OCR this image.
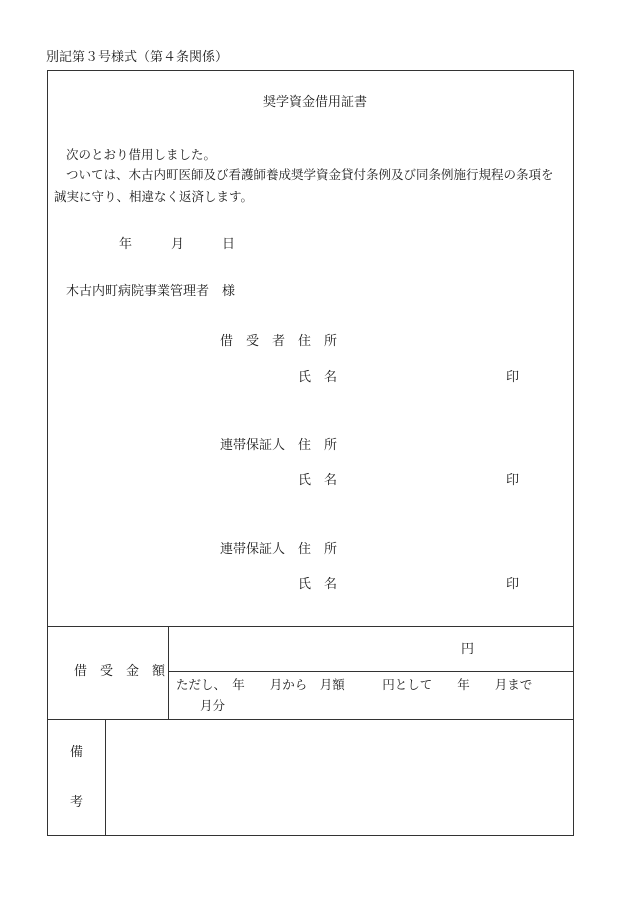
別記第３号様式（第４条関係）
奨学資金借用証書
次のとおり借用しました。
ついては、木古内町医師及び看護師養成奨学資金貸付条例及び同条例施行規程の条項を
誠実に守り、相違なく返済します。
年	月	日
木古内町病院事業管理者　様
借　受　者 住　所
氏　名	印
連帯保証人 住　所
氏　名	印
連帯保証人 住　所
氏　名	印
借　受　金　額
円
ただし、　年　　月から　月額　　　円として　　年　　月まで
月分
備
考
